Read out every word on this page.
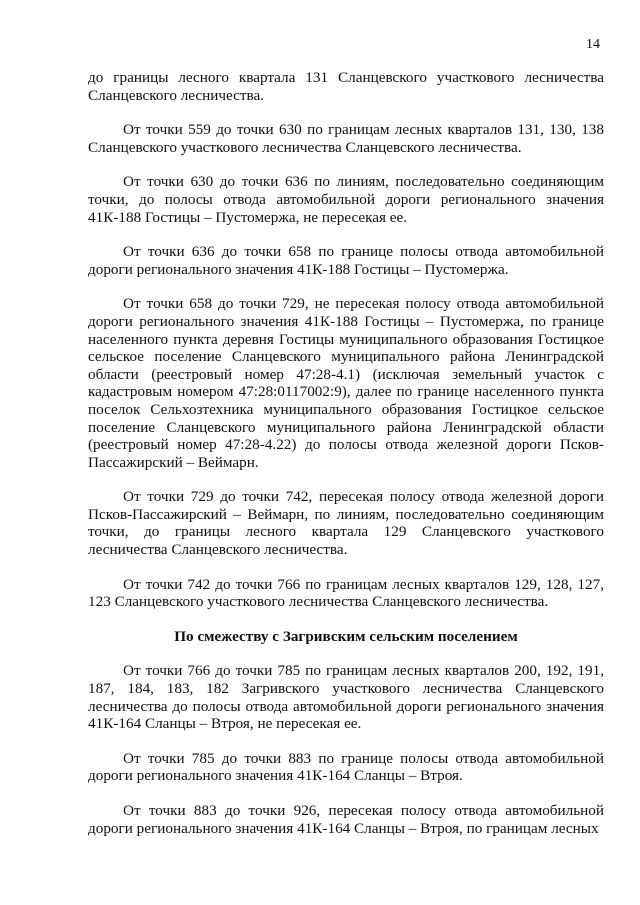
14

до границы лесного квартала 131 Сланцевского участкового лесничества Сланцевского лесничества.

От точки 559 до точки 630 по границам лесных кварталов 131, 130, 138 Сланцевского участкового лесничества Сланцевского лесничества.

От точки 630 до точки 636 по линиям, последовательно соединяющим точки, до полосы отвода автомобильной дороги регионального значения 41К-188 Гостицы – Пустомержа, не пересекая ее.

От точки 636 до точки 658 по границе полосы отвода автомобильной дороги регионального значения 41К-188 Гостицы – Пустомержа.

От точки 658 до точки 729, не пересекая полосу отвода автомобильной дороги регионального значения 41К-188 Гостицы – Пустомержа, по границе населенного пункта деревня Гостицы муниципального образования Гостицкое сельское поселение Сланцевского муниципального района Ленинградской области (реестровый номер 47:28-4.1) (исключая земельный участок с кадастровым номером 47:28:0117002:9), далее по границе населенного пункта поселок Сельхозтехника муниципального образования Гостицкое сельское поселение Сланцевского муниципального района Ленинградской области (реестровый номер 47:28-4.22) до полосы отвода железной дороги Псков-Пассажирский – Веймарн.

От точки 729 до точки 742, пересекая полосу отвода железной дороги Псков-Пассажирский – Веймарн, по линиям, последовательно соединяющим точки, до границы лесного квартала 129 Сланцевского участкового лесничества Сланцевского лесничества.

От точки 742 до точки 766 по границам лесных кварталов 129, 128, 127, 123 Сланцевского участкового лесничества Сланцевского лесничества.

По смежеству с Загривским сельским поселением

От точки 766 до точки 785 по границам лесных кварталов 200, 192, 191, 187, 184, 183, 182 Загривского участкового лесничества Сланцевского лесничества до полосы отвода автомобильной дороги регионального значения 41К-164 Сланцы – Втроя, не пересекая ее.

От точки 785 до точки 883 по границе полосы отвода автомобильной дороги регионального значения 41К-164 Сланцы – Втроя.

От точки 883 до точки 926, пересекая полосу отвода автомобильной дороги регионального значения 41К-164 Сланцы – Втроя, по границам лесных
